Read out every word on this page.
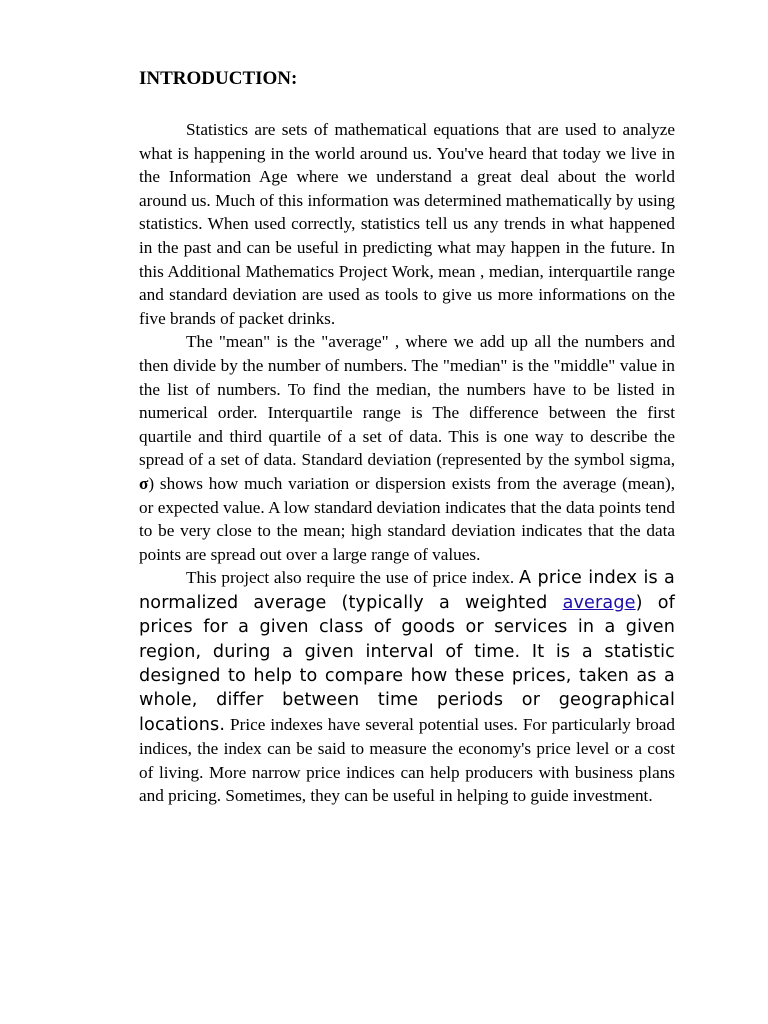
INTRODUCTION:

Statistics are sets of mathematical equations that are used to analyze what is happening in the world around us. You've heard that today we live in the Information Age where we understand a great deal about the world around us. Much of this information was determined mathematically by using statistics. When used correctly, statistics tell us any trends in what happened in the past and can be useful in predicting what may happen in the future. In this Additional Mathematics Project Work, mean , median, interquartile range and standard deviation are used as tools to give us more informations on the five brands of packet drinks.

The "mean" is the "average" , where we add up all the numbers and then divide by the number of numbers. The "median" is the "middle" value in the list of numbers. To find the median, the numbers have to be listed in numerical order. Interquartile range is The difference between the first quartile and third quartile of a set of data. This is one way to describe the spread of a set of data. Standard deviation (represented by the symbol sigma, σ) shows how much variation or dispersion exists from the average (mean), or expected value. A low standard deviation indicates that the data points tend to be very close to the mean; high standard deviation indicates that the data points are spread out over a large range of values.

This project also require the use of price index. A price index is a normalized average (typically a weighted average) of prices for a given class of goods or services in a given region, during a given interval of time. It is a statistic designed to help to compare how these prices, taken as a whole, differ between time periods or geographical locations. Price indexes have several potential uses. For particularly broad indices, the index can be said to measure the economy's price level or a cost of living. More narrow price indices can help producers with business plans and pricing. Sometimes, they can be useful in helping to guide investment.
